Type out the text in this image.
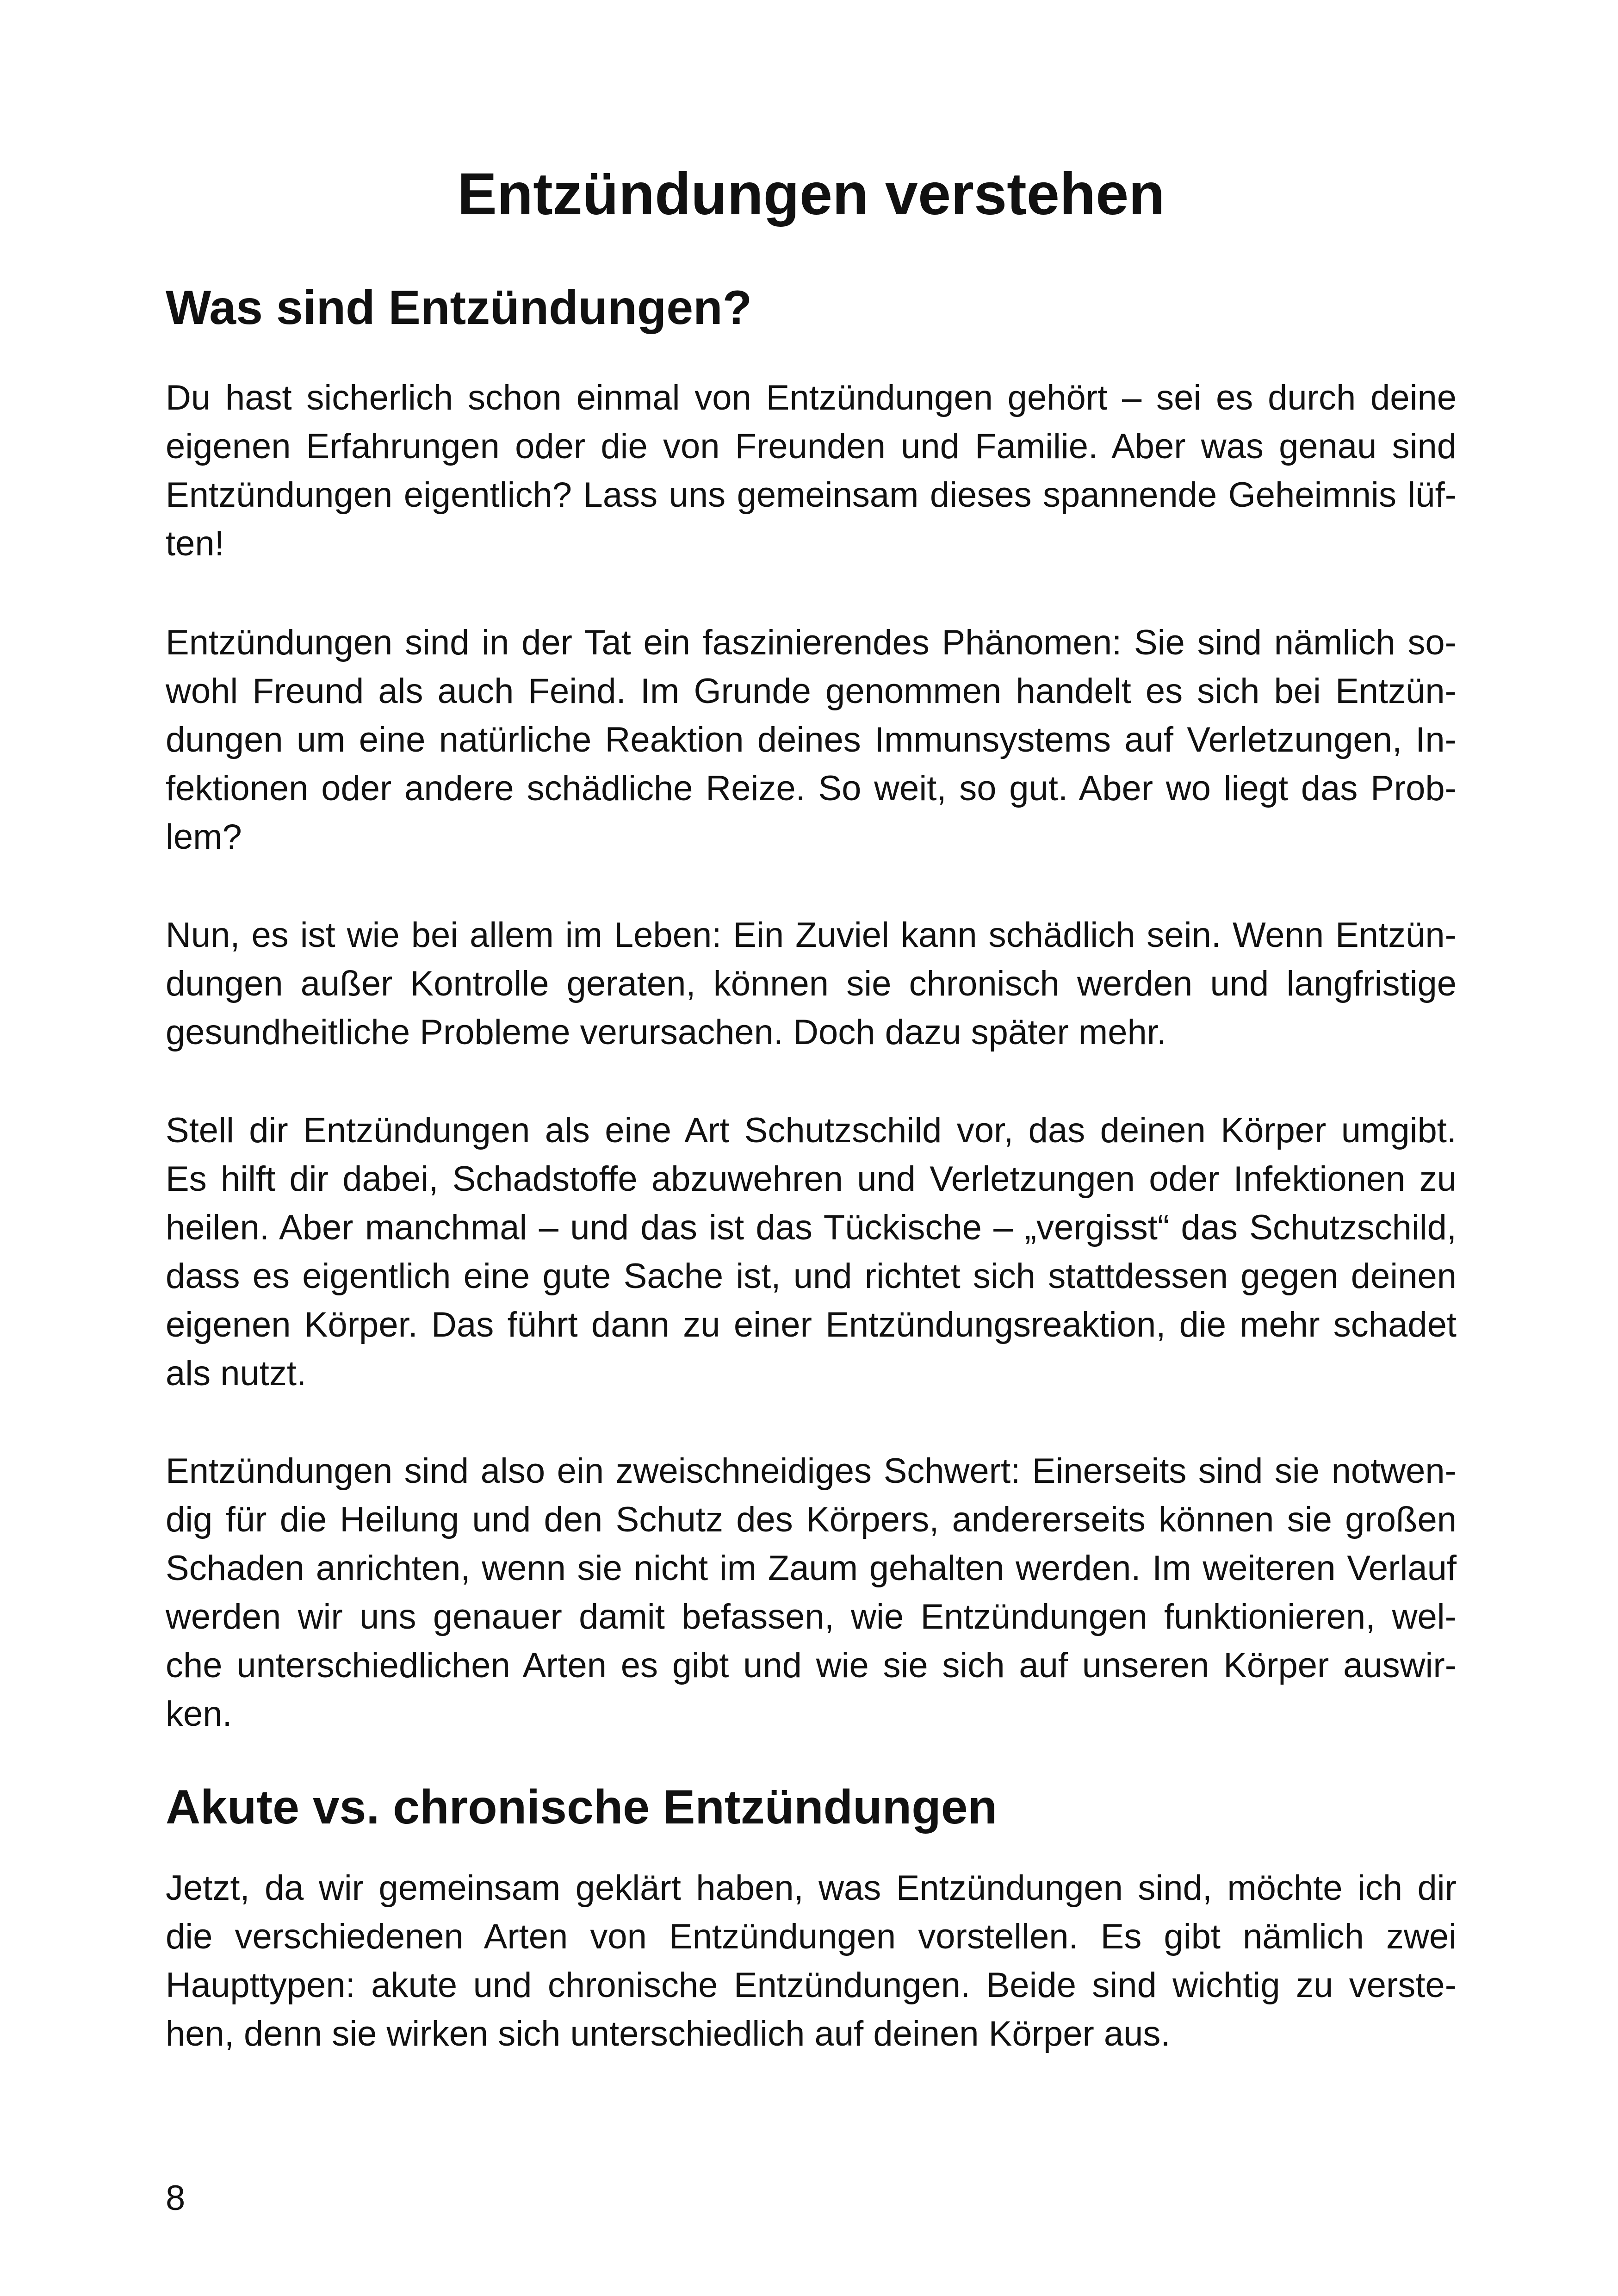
Entzündungen verstehen
Was sind Entzündungen?
Du hast sicherlich schon einmal von Entzündungen gehört – sei es durch deine
eigenen Erfahrungen oder die von Freunden und Familie. Aber was genau sind
Entzündungen eigentlich? Lass uns gemeinsam dieses spannende Geheimnis lüf-
ten!
Entzündungen sind in der Tat ein faszinierendes Phänomen: Sie sind nämlich so-
wohl Freund als auch Feind. Im Grunde genommen handelt es sich bei Entzün-
dungen um eine natürliche Reaktion deines Immunsystems auf Verletzungen, In-
fektionen oder andere schädliche Reize. So weit, so gut. Aber wo liegt das Prob-
lem?
Nun, es ist wie bei allem im Leben: Ein Zuviel kann schädlich sein. Wenn Entzün-
dungen außer Kontrolle geraten, können sie chronisch werden und langfristige
gesundheitliche Probleme verursachen. Doch dazu später mehr.
Stell dir Entzündungen als eine Art Schutzschild vor, das deinen Körper umgibt.
Es hilft dir dabei, Schadstoffe abzuwehren und Verletzungen oder Infektionen zu
heilen. Aber manchmal – und das ist das Tückische – „vergisst“ das Schutzschild,
dass es eigentlich eine gute Sache ist, und richtet sich stattdessen gegen deinen
eigenen Körper. Das führt dann zu einer Entzündungsreaktion, die mehr schadet
als nutzt.
Entzündungen sind also ein zweischneidiges Schwert: Einerseits sind sie notwen-
dig für die Heilung und den Schutz des Körpers, andererseits können sie großen
Schaden anrichten, wenn sie nicht im Zaum gehalten werden. Im weiteren Verlauf
werden wir uns genauer damit befassen, wie Entzündungen funktionieren, wel-
che unterschiedlichen Arten es gibt und wie sie sich auf unseren Körper auswir-
ken.
Akute vs. chronische Entzündungen
Jetzt, da wir gemeinsam geklärt haben, was Entzündungen sind, möchte ich dir
die verschiedenen Arten von Entzündungen vorstellen. Es gibt nämlich zwei
Haupttypen: akute und chronische Entzündungen. Beide sind wichtig zu verste-
hen, denn sie wirken sich unterschiedlich auf deinen Körper aus.
8
